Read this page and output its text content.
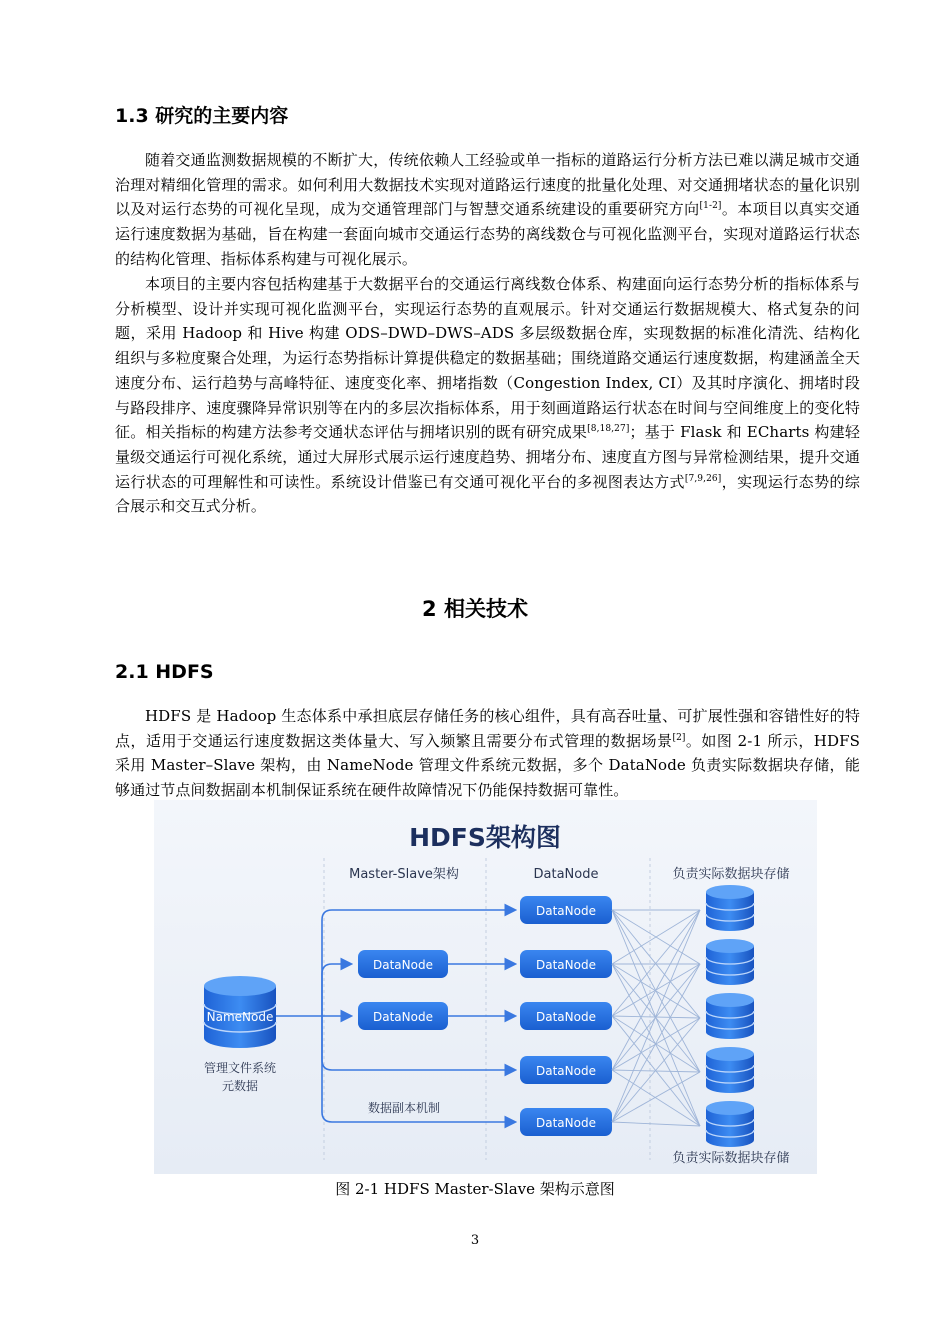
1.3 研究的主要内容

随着交通监测数据规模的不断扩大，传统依赖人工经验或单一指标的道路运行分析方法已难以满足城市交通治理对精细化管理的需求。如何利用大数据技术实现对道路运行速度的批量化处理、对交通拥堵状态的量化识别以及对运行态势的可视化呈现，成为交通管理部门与智慧交通系统建设的重要研究方向[1-2]。本项目以真实交通运行速度数据为基础，旨在构建一套面向城市交通运行态势的离线数仓与可视化监测平台，实现对道路运行状态的结构化管理、指标体系构建与可视化展示。

本项目的主要内容包括构建基于大数据平台的交通运行离线数仓体系、构建面向运行态势分析的指标体系与分析模型、设计并实现可视化监测平台，实现运行态势的直观展示。针对交通运行数据规模大、格式复杂的问题，采用 Hadoop 和 Hive 构建 ODS–DWD–DWS–ADS 多层级数据仓库，实现数据的标准化清洗、结构化组织与多粒度聚合处理，为运行态势指标计算提供稳定的数据基础；围绕道路交通运行速度数据，构建涵盖全天速度分布、运行趋势与高峰特征、速度变化率、拥堵指数（Congestion Index, CI）及其时序演化、拥堵时段与路段排序、速度骤降异常识别等在内的多层次指标体系，用于刻画道路运行状态在时间与空间维度上的变化特征。相关指标的构建方法参考交通状态评估与拥堵识别的既有研究成果[8,18,27]；基于 Flask 和 ECharts 构建轻量级交通运行可视化系统，通过大屏形式展示运行速度趋势、拥堵分布、速度直方图与异常检测结果，提升交通运行状态的可理解性和可读性。系统设计借鉴已有交通可视化平台的多视图表达方式[7,9,26]，实现运行态势的综合展示和交互式分析。

2 相关技术
2.1 HDFS

HDFS 是 Hadoop 生态体系中承担底层存储任务的核心组件，具有高吞吐量、可扩展性强和容错性好的特点，适用于交通运行速度数据这类体量大、写入频繁且需要分布式管理的数据场景[2]。如图 2-1 所示，HDFS 采用 Master–Slave 架构，由 NameNode 管理文件系统元数据，多个 DataNode 负责实际数据块存储，能够通过节点间数据副本机制保证系统在硬件故障情况下仍能保持数据可靠性。

HDFS架构图
Master-Slave架构	DataNode	负责实际数据块存储
NameNode
管理文件系统
元数据
DataNode
DataNode
数据副本机制
DataNode
DataNode
DataNode
DataNode
DataNode
负责实际数据块存储

图 2-1 HDFS Master-Slave 架构示意图

3
